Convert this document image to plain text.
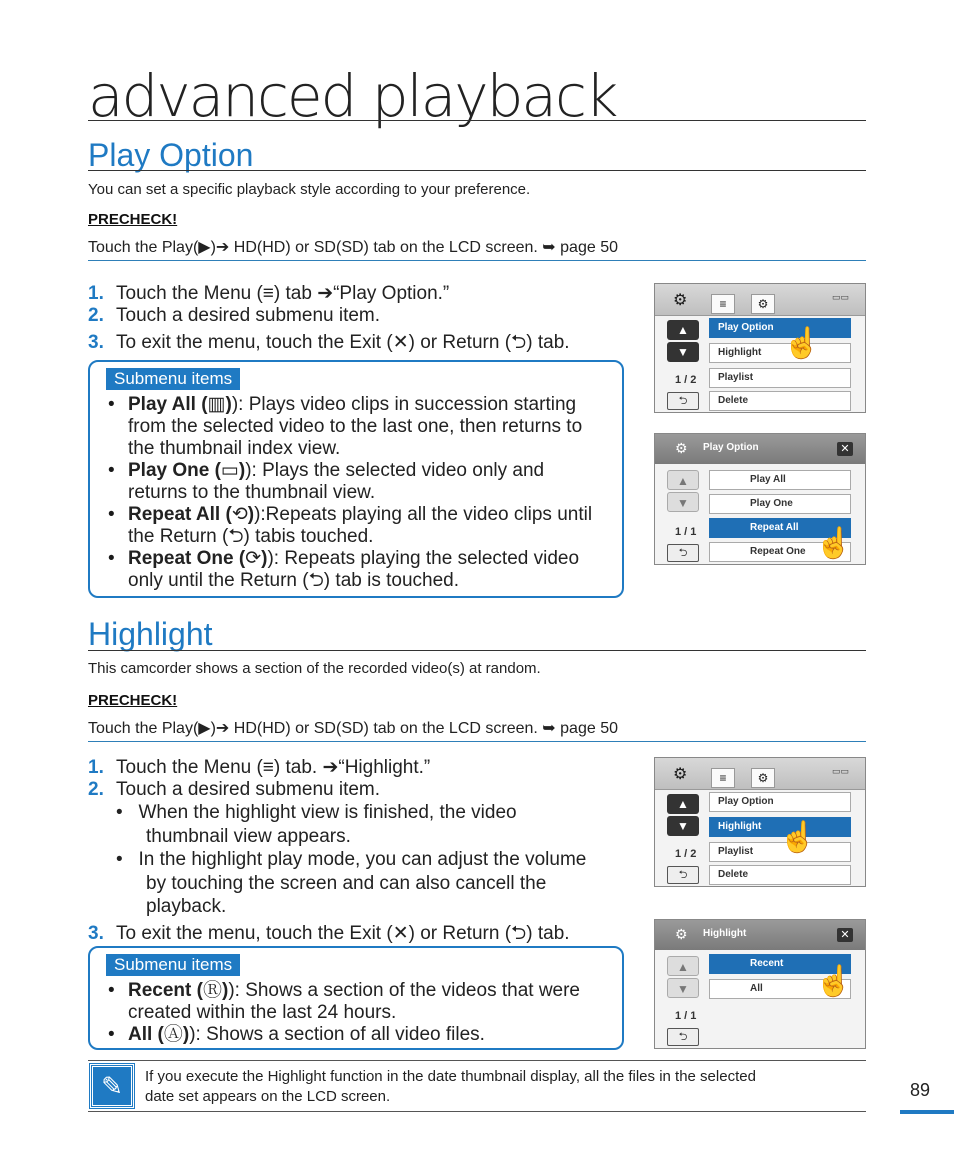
advanced playback
Play Option
You can set a specific playback style according to your preference.
PRECHECK!
Touch the Play(▶)➔ HD(HD) or SD(SD) tab on the LCD screen. ➥ page 50
1. Touch the Menu (≡) tab ➔“Play Option.”
2. Touch a desired submenu item.
3. To exit the menu, touch the Exit (✕) or Return (⮌) tab.
Submenu items
• Play All (▥)): Plays video clips in succession starting
from the selected video to the last one, then returns to
the thumbnail index view.
• Play One (▭)): Plays the selected video only and
returns to the thumbnail view.
• Repeat All (⟲)):Repeats playing all the video clips until
the Return (⮌) tabis touched.
• Repeat One (⟳)): Repeats playing the selected video
only until the Return (⮌) tab is touched.
⚙	≡	⚙	▭▭
▲
▼
1 / 2
⮌
Play Option
Highlight
Playlist
Delete
☝
Play Option
⚙	✕
▲
▼
1 / 1
⮌
Play All
Play One
Repeat All
Repeat One ☝
Highlight
This camcorder shows a section of the recorded video(s) at random.
PRECHECK!
Touch the Play(▶)➔ HD(HD) or SD(SD) tab on the LCD screen. ➥ page 50
1. Touch the Menu (≡) tab. ➔“Highlight.”
2. Touch a desired submenu item.
•   When the highlight view is finished, the video
thumbnail view appears.
•   In the highlight play mode, you can adjust the volume
by touching the screen and can also cancell the
playback.
3. To exit the menu, touch the Exit (✕) or Return (⮌) tab.
Submenu items
• Recent (Ⓡ)): Shows a section of the videos that were
created within the last 24 hours.
• All (Ⓐ)): Shows a section of all video files.
⚙	≡	⚙	▭▭
▲
▼
1 / 2
⮌
Play Option
Highlight
Playlist
Delete
☝
Highlight
⚙	✕
▲
▼
1 / 1
⮌
Recent
All	☝
✎	If you execute the Highlight function in the date thumbnail display, all the files in the selected
date set appears on the LCD screen.	89
